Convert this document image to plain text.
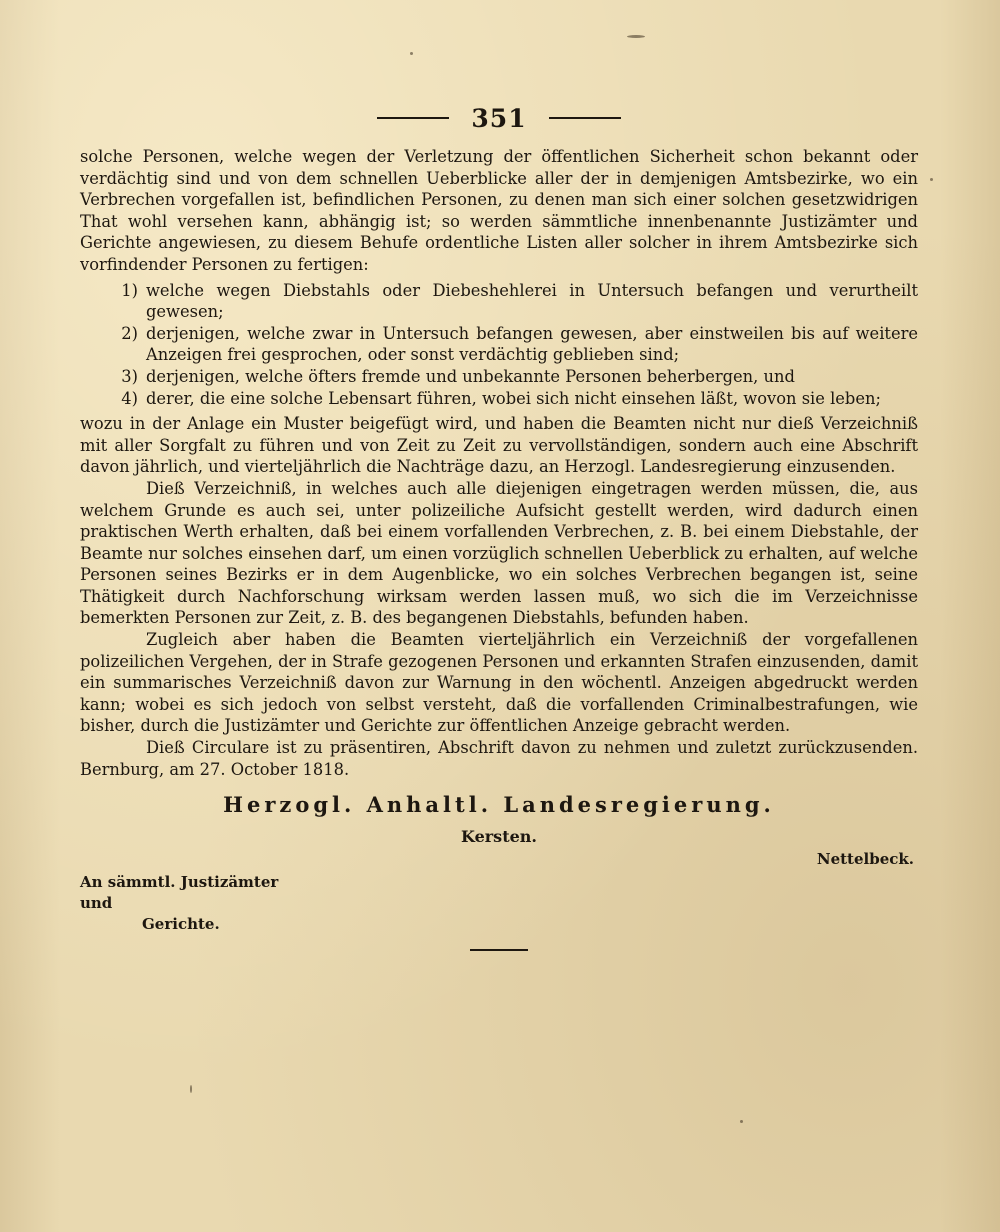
351

solche Personen, welche wegen der Verletzung der öffentlichen Sicherheit schon bekannt oder verdächtig sind und von dem schnellen Ueberblicke aller der in demjenigen Amtsbezirke, wo ein Verbrechen vorgefallen ist, befindlichen Personen, zu denen man sich einer solchen gesetzwidrigen That wohl versehen kann, abhängig ist; so werden sämmtliche innenbenannte Justizämter und Gerichte angewiesen, zu diesem Behufe ordentliche Listen aller solcher in ihrem Amtsbezirke sich vorfindender Personen zu fertigen:

1) welche wegen Diebstahls oder Diebeshehlerei in Untersuch befangen und verurtheilt gewesen;
2) derjenigen, welche zwar in Untersuch befangen gewesen, aber einstweilen bis auf weitere Anzeigen frei gesprochen, oder sonst verdächtig geblieben sind;
3) derjenigen, welche öfters fremde und unbekannte Personen beherbergen, und
4) derer, die eine solche Lebensart führen, wobei sich nicht einsehen läßt, wovon sie leben;

wozu in der Anlage ein Muster beigefügt wird, und haben die Beamten nicht nur dieß Verzeichniß mit aller Sorgfalt zu führen und von Zeit zu Zeit zu vervollständigen, sondern auch eine Abschrift davon jährlich, und vierteljährlich die Nachträge dazu, an Herzogl. Landesregierung einzusenden.

Dieß Verzeichniß, in welches auch alle diejenigen eingetragen werden müssen, die, aus welchem Grunde es auch sei, unter polizeiliche Aufsicht gestellt werden, wird dadurch einen praktischen Werth erhalten, daß bei einem vorfallenden Verbrechen, z. B. bei einem Diebstahle, der Beamte nur solches einsehen darf, um einen vorzüglich schnellen Ueberblick zu erhalten, auf welche Personen seines Bezirks er in dem Augenblicke, wo ein solches Verbrechen begangen ist, seine Thätigkeit durch Nachforschung wirksam werden lassen muß, wo sich die im Verzeichnisse bemerkten Personen zur Zeit, z. B. des begangenen Diebstahls, befunden haben.

Zugleich aber haben die Beamten vierteljährlich ein Verzeichniß der vorgefallenen polizeilichen Vergehen, der in Strafe gezogenen Personen und erkannten Strafen einzusenden, damit ein summarisches Verzeichniß davon zur Warnung in den wöchentl. Anzeigen abgedruckt werden kann; wobei es sich jedoch von selbst versteht, daß die vorfallenden Criminalbestrafungen, wie bisher, durch die Justizämter und Gerichte zur öffentlichen Anzeige gebracht werden.

Dieß Circulare ist zu präsentiren, Abschrift davon zu nehmen und zuletzt zurückzusenden. Bernburg, am 27. October 1818.

Herzogl. Anhaltl. Landesregierung.
Kersten.
Nettelbeck.
An sämmtl. Justizämter und
Gerichte.
